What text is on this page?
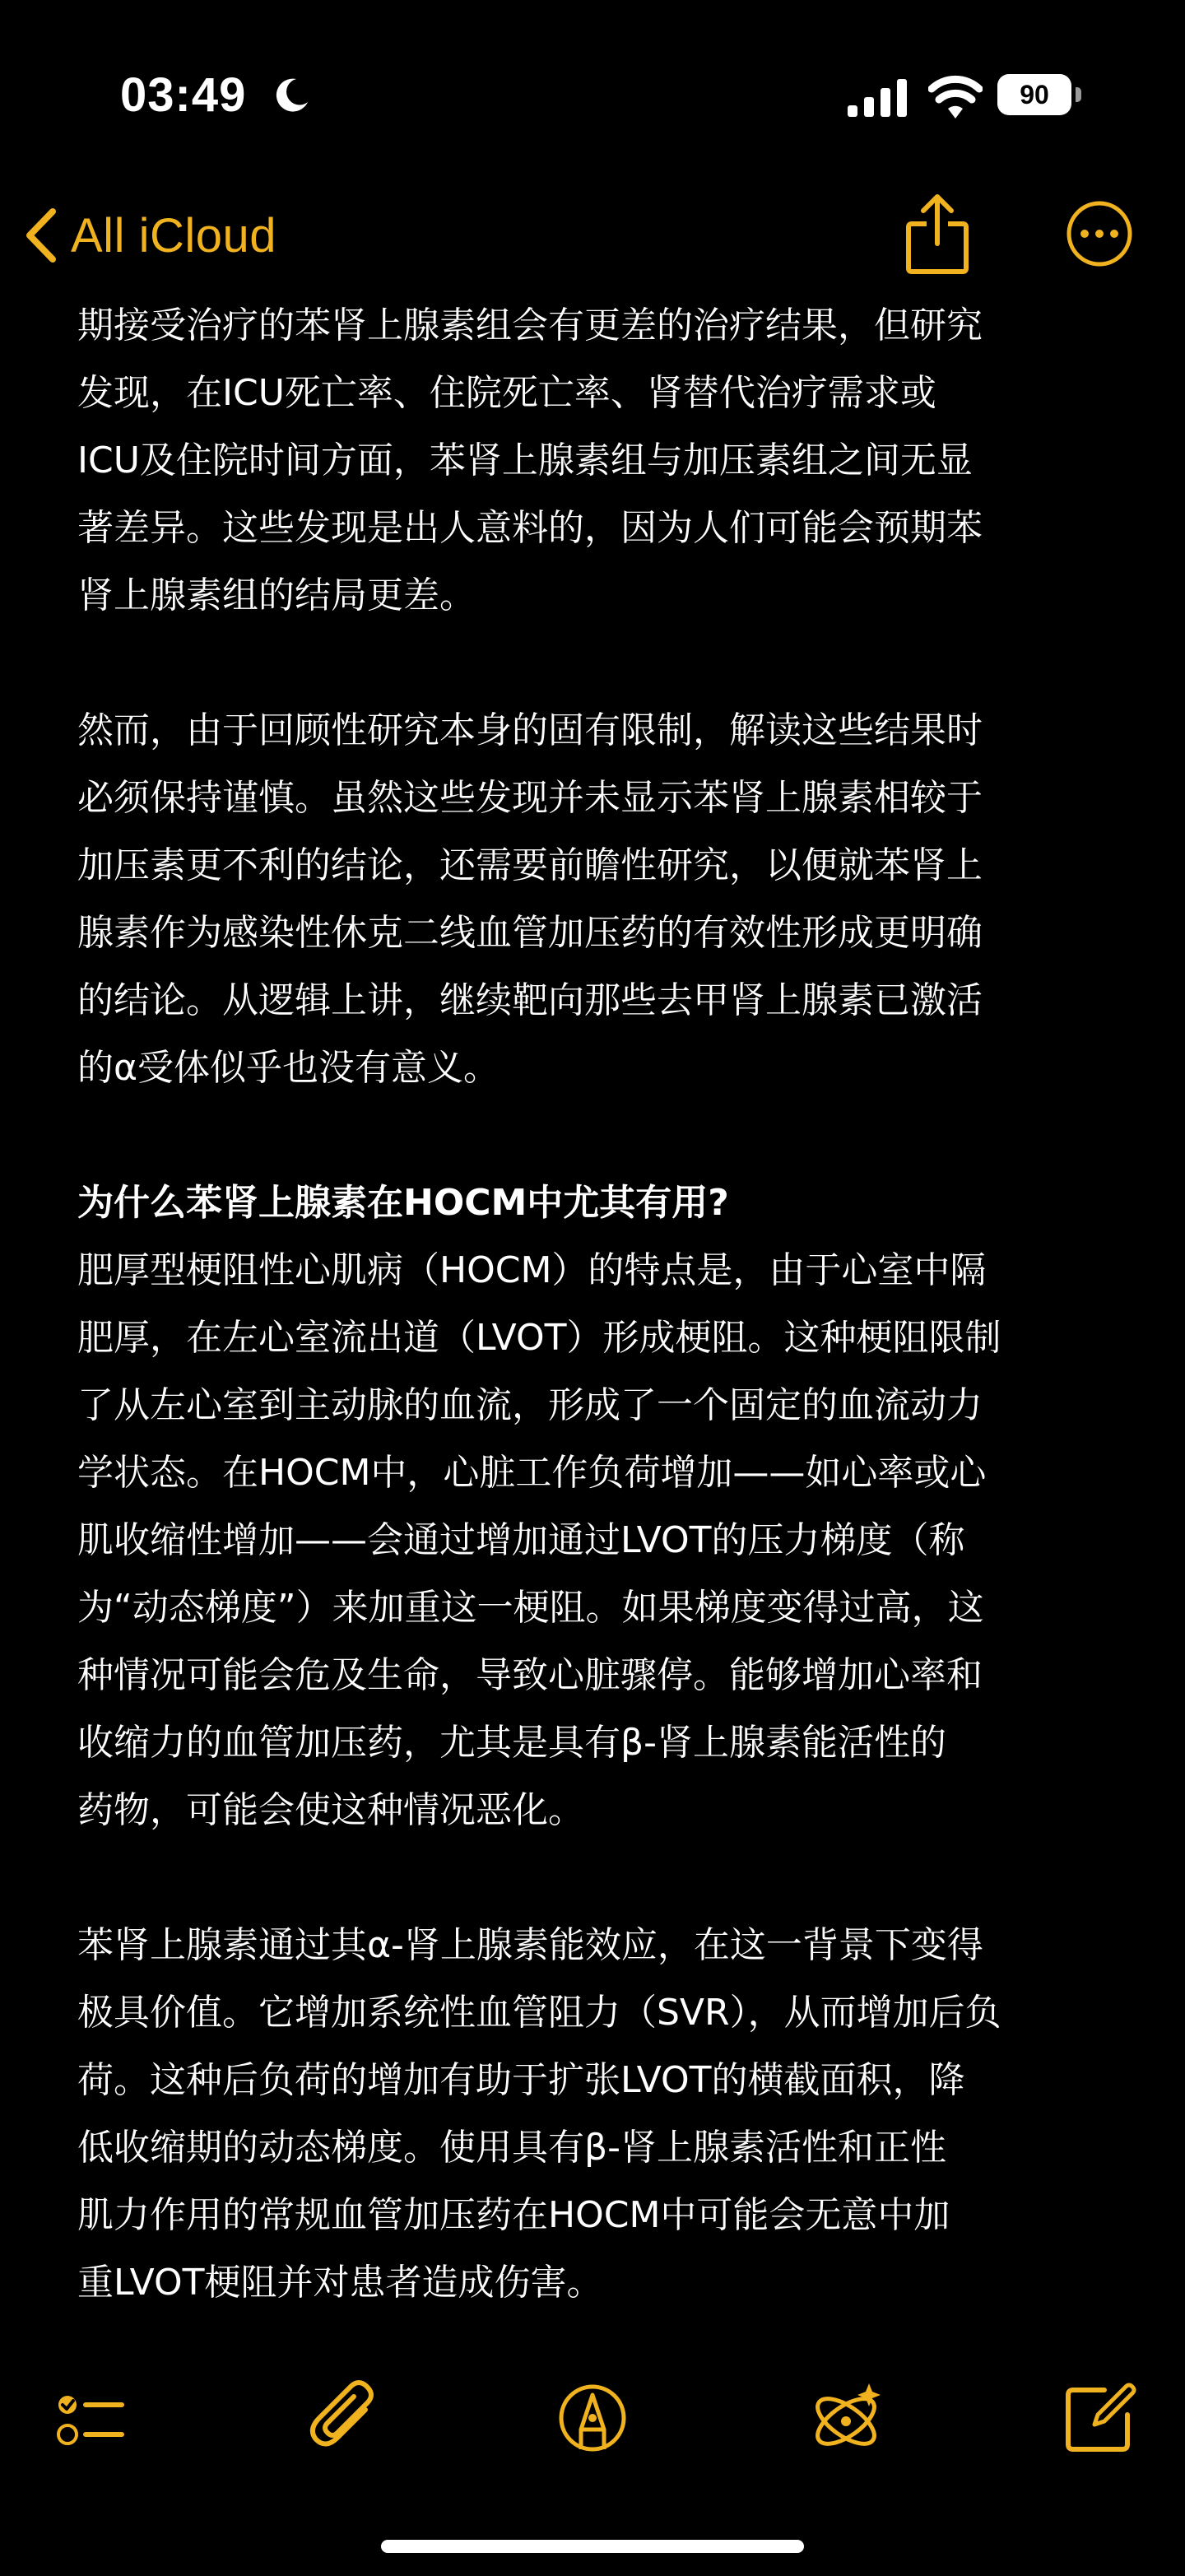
03:49	90
All iCloud

期接受治疗的苯肾上腺素组会有更差的治疗结果，但研究
发现，在ICU死亡率、住院死亡率、肾替代治疗需求或
ICU及住院时间方面，苯肾上腺素组与加压素组之间无显
著差异。这些发现是出人意料的，因为人们可能会预期苯
肾上腺素组的结局更差。

然而，由于回顾性研究本身的固有限制，解读这些结果时
必须保持谨慎。虽然这些发现并未显示苯肾上腺素相较于
加压素更不利的结论，还需要前瞻性研究，以便就苯肾上
腺素作为感染性休克二线血管加压药的有效性形成更明确
的结论。从逻辑上讲，继续靶向那些去甲肾上腺素已激活
的α受体似乎也没有意义。

为什么苯肾上腺素在HOCM中尤其有用?

肥厚型梗阻性心肌病（HOCM）的特点是，由于心室中隔
肥厚，在左心室流出道（LVOT）形成梗阻。这种梗阻限制
了从左心室到主动脉的血流，形成了一个固定的血流动力
学状态。在HOCM中，心脏工作负荷增加——如心率或心
肌收缩性增加——会通过增加通过LVOT的压力梯度（称
为“动态梯度”）来加重这一梗阻。如果梯度变得过高，这
种情况可能会危及生命，导致心脏骤停。能够增加心率和
收缩力的血管加压药，尤其是具有β-肾上腺素能活性的
药物，可能会使这种情况恶化。

苯肾上腺素通过其α-肾上腺素能效应，在这一背景下变得
极具价值。它增加系统性血管阻力（SVR），从而增加后负
荷。这种后负荷的增加有助于扩张LVOT的横截面积，降
低收缩期的动态梯度。使用具有β-肾上腺素活性和正性
肌力作用的常规血管加压药在HOCM中可能会无意中加
重LVOT梗阻并对患者造成伤害。
